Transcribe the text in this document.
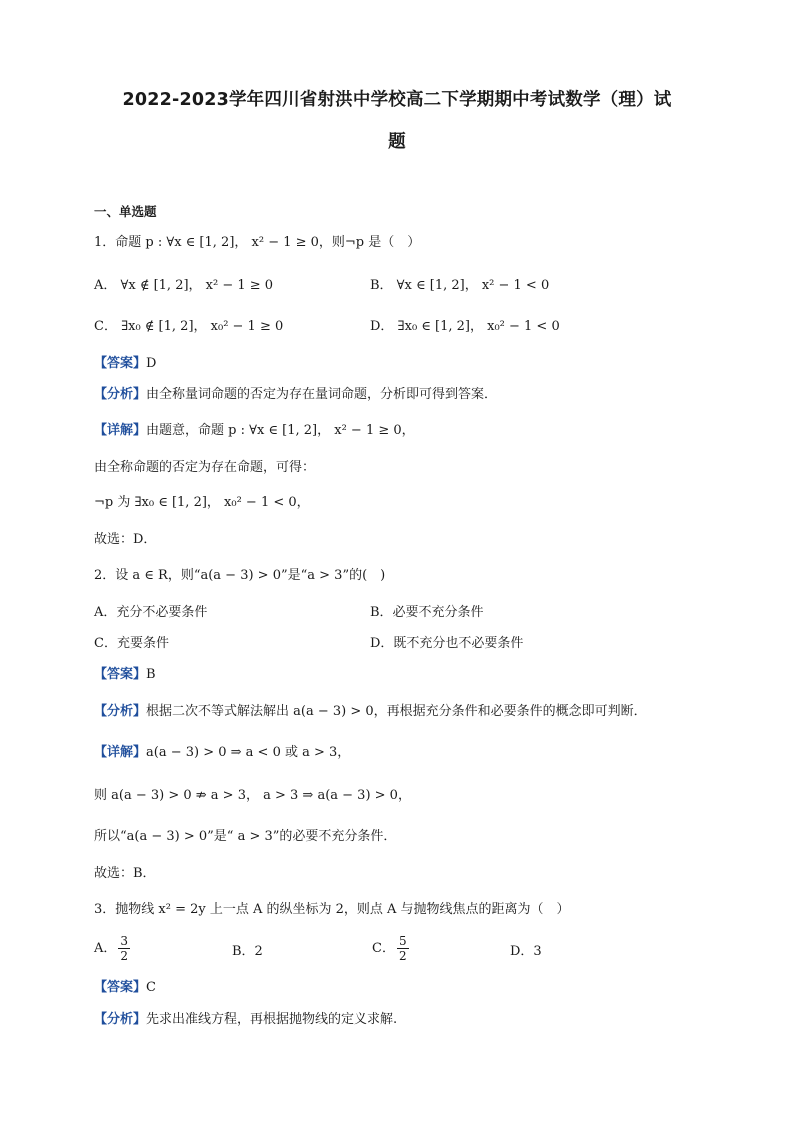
2022-2023学年四川省射洪中学校高二下学期期中考试数学（理）试
题
一、单选题
1．命题 p : ∀x ∈ [1, 2]， x² − 1 ≥ 0，则¬p 是（　）
A． ∀x ∉ [1, 2]， x² − 1 ≥ 0	B． ∀x ∈ [1, 2]， x² − 1 < 0
C． ∃x₀ ∉ [1, 2]， x₀² − 1 ≥ 0	D． ∃x₀ ∈ [1, 2]， x₀² − 1 < 0
【答案】D
【分析】由全称量词命题的否定为存在量词命题，分析即可得到答案．
【详解】由题意，命题 p : ∀x ∈ [1, 2]， x² − 1 ≥ 0，
由全称命题的否定为存在命题，可得：
¬p 为 ∃x₀ ∈ [1, 2]， x₀² − 1 < 0，
故选：D．
2．设 a ∈ R，则“a(a − 3) > 0”是“a > 3”的(　)
A．充分不必要条件	B．必要不充分条件
C．充要条件	D．既不充分也不必要条件
【答案】B
【分析】根据二次不等式解法解出 a(a − 3) > 0，再根据充分条件和必要条件的概念即可判断．
【详解】a(a − 3) > 0 ⇒ a < 0 或 a > 3，
则 a(a − 3) > 0 ⇏ a > 3， a > 3 ⇒ a(a − 3) > 0，
所以“a(a − 3) > 0”是“ a > 3”的必要不充分条件．
故选：B．
3．抛物线 x² = 2y 上一点 A 的纵坐标为 2，则点 A 与抛物线焦点的距离为（　）
A． $\frac{3}{2}$	B．2	C． $\frac{5}{2}$	D．3
【答案】C
【分析】先求出准线方程，再根据抛物线的定义求解.
